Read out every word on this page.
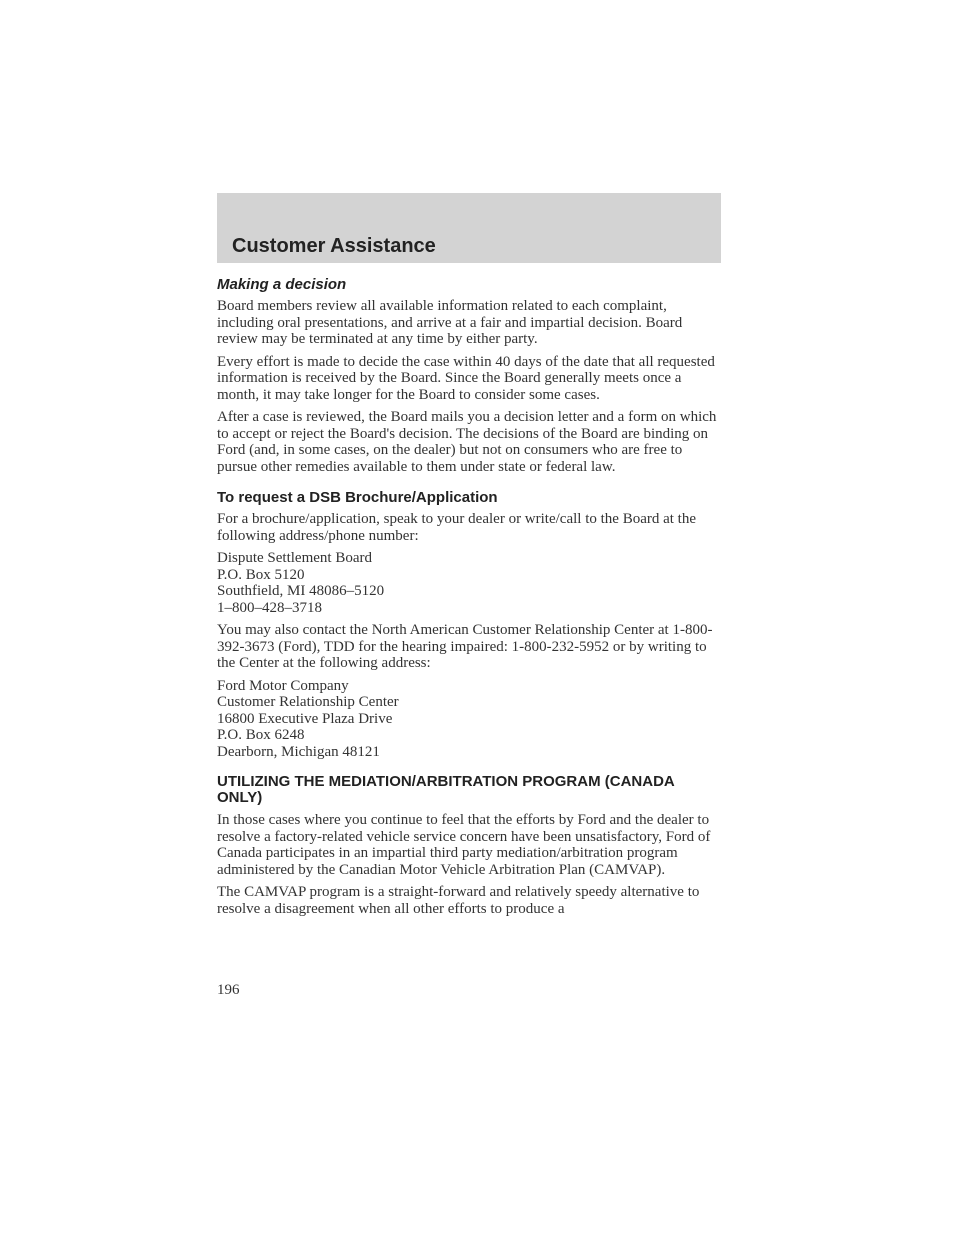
Customer Assistance
Making a decision

Board members review all available information related to each complaint, including oral presentations, and arrive at a fair and impartial decision. Board review may be terminated at any time by either party.

Every effort is made to decide the case within 40 days of the date that all requested information is received by the Board. Since the Board generally meets once a month, it may take longer for the Board to consider some cases.

After a case is reviewed, the Board mails you a decision letter and a form on which to accept or reject the Board's decision. The decisions of the Board are binding on Ford (and, in some cases, on the dealer) but not on consumers who are free to pursue other remedies available to them under state or federal law.

To request a DSB Brochure/Application

For a brochure/application, speak to your dealer or write/call to the Board at the following address/phone number:

Dispute Settlement Board
P.O. Box 5120
Southfield, MI 48086–5120
1–800–428–3718

You may also contact the North American Customer Relationship Center at 1-800-392-3673 (Ford), TDD for the hearing impaired: 1-800-232-5952 or by writing to the Center at the following address:

Ford Motor Company
Customer Relationship Center
16800 Executive Plaza Drive
P.O. Box 6248
Dearborn, Michigan 48121
UTILIZING THE MEDIATION/ARBITRATION PROGRAM (CANADA ONLY)

In those cases where you continue to feel that the efforts by Ford and the dealer to resolve a factory-related vehicle service concern have been unsatisfactory, Ford of Canada participates in an impartial third party mediation/arbitration program administered by the Canadian Motor Vehicle Arbitration Plan (CAMVAP).

The CAMVAP program is a straight-forward and relatively speedy alternative to resolve a disagreement when all other efforts to produce a

196
